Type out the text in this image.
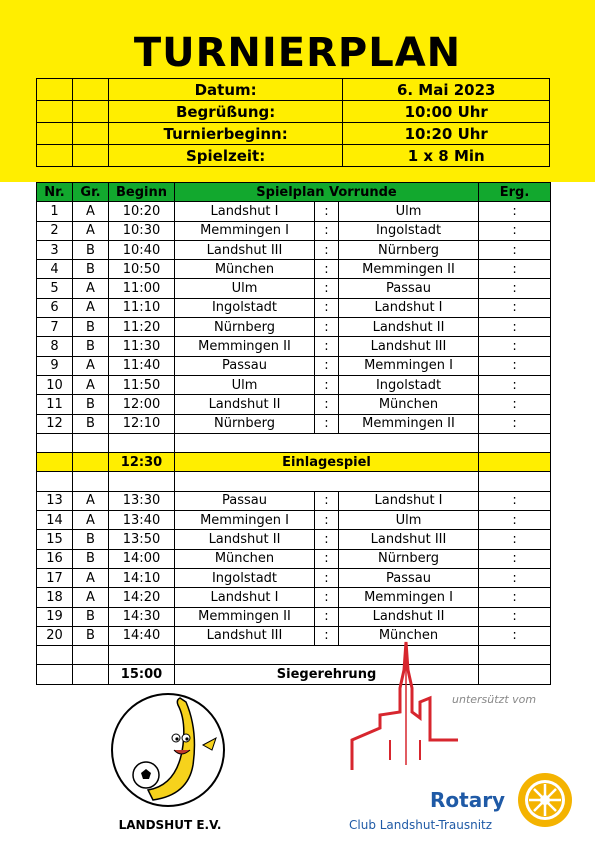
TURNIERPLAN
		Datum:	6. Mai 2023
		Begrüßung:	10:00 Uhr
		Turnierbeginn:	10:20 Uhr
		Spielzeit:	1 x 8 Min
Nr.	Gr.	Beginn	Spielplan Vorrunde			Erg.
1	A	10:20	Landshut I	:	Ulm	:
2	A	10:30	Memmingen I	:	Ingolstadt	:
3	B	10:40	Landshut III	:	Nürnberg	:
4	B	10:50	München	:	Memmingen II	:
5	A	11:00	Ulm	:	Passau	:
6	A	11:10	Ingolstadt	:	Landshut I	:
7	B	11:20	Nürnberg	:	Landshut II	:
8	B	11:30	Memmingen II	:	Landshut III	:
9	A	11:40	Passau	:	Memmingen I	:
10	A	11:50	Ulm	:	Ingolstadt	:
11	B	12:00	Landshut II	:	München	:
12	B	12:10	Nürnberg	:	Memmingen II	:

		12:30	Einlagespiel			

13	A	13:30	Passau	:	Landshut I	:
14	A	13:40	Memmingen I	:	Ulm	:
15	B	13:50	Landshut II	:	Landshut III	:
16	B	14:00	München	:	Nürnberg	:
17	A	14:10	Ingolstadt	:	Passau	:
18	A	14:20	Landshut I	:	Memmingen I	:
19	B	14:30	Memmingen II	:	Landshut II	:
20	B	14:40	Landshut III	:	München	:

		15:00	Siegerehrung			
LANDSHUT E.V.
untersützt vom
Rotary
Club Landshut-Trausnitz
